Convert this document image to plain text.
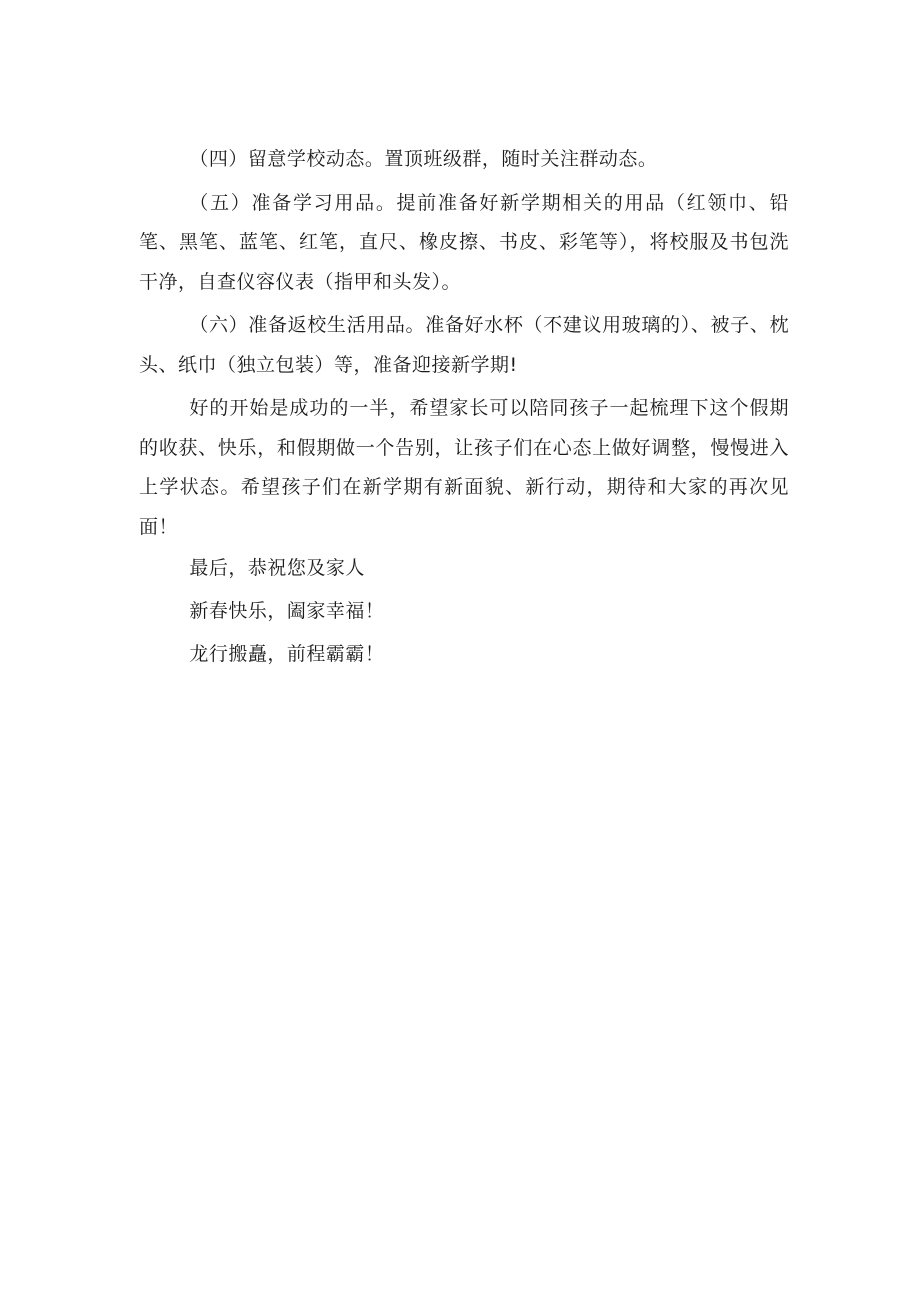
（四）留意学校动态。置顶班级群，随时关注群动态。

（五）准备学习用品。提前准备好新学期相关的用品（红领巾、铅笔、黑笔、蓝笔、红笔，直尺、橡皮擦、书皮、彩笔等），将校服及书包洗干净，自查仪容仪表（指甲和头发）。

（六）准备返校生活用品。准备好水杯（不建议用玻璃的）、被子、枕头、纸巾（独立包装）等，准备迎接新学期!

好的开始是成功的一半，希望家长可以陪同孩子一起梳理下这个假期的收获、快乐，和假期做一个告别，让孩子们在心态上做好调整，慢慢进入上学状态。希望孩子们在新学期有新面貌、新行动，期待和大家的再次见面！

最后，恭祝您及家人

新春快乐，阖家幸福！

龙行搬矗，前程霸霸！
